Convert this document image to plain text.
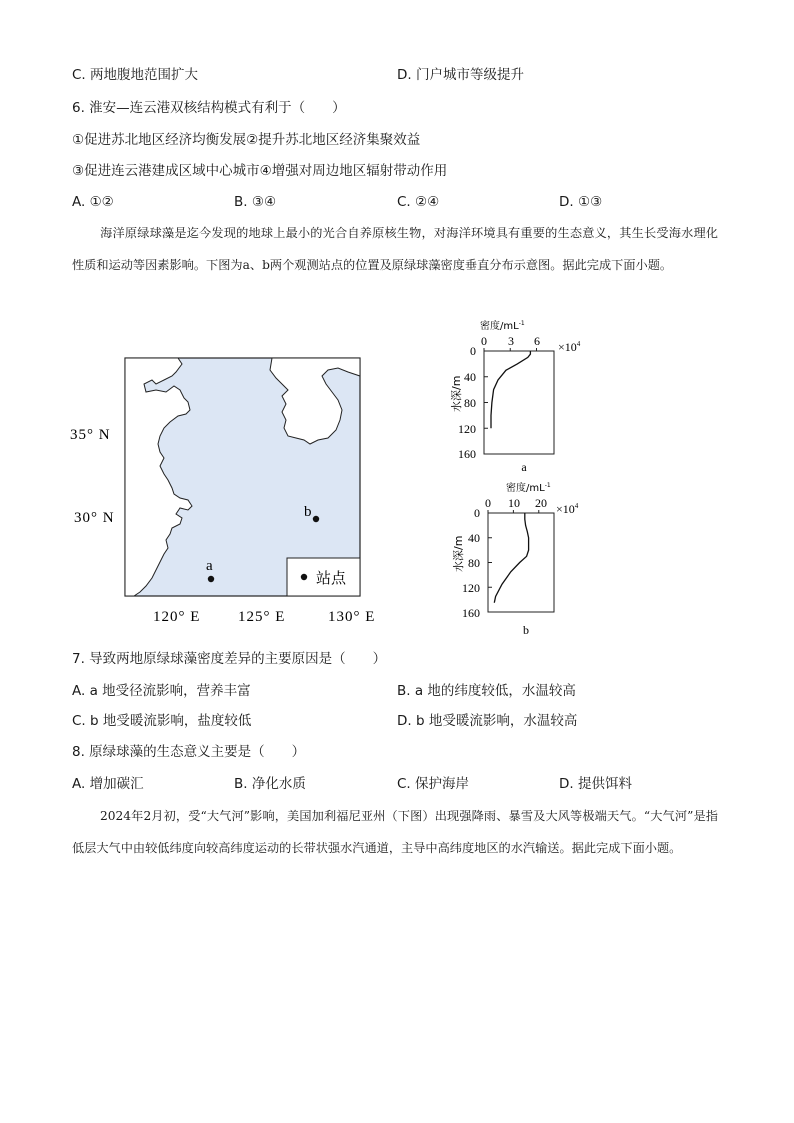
C. 两地腹地范围扩大	D. 门户城市等级提升
6. 淮安—连云港双核结构模式有利于（　　）
①促进苏北地区经济均衡发展②提升苏北地区经济集聚效益
③促进连云港建成区域中心城市④增强对周边地区辐射带动作用
A. ①②	B. ③④	C. ②④	D. ①③
海洋原绿球藻是迄今发现的地球上最小的光合自养原核生物，对海洋环境具有重要的生态意义，其生长受海水理化性质和运动等因素影响。下图为a、b两个观测站点的位置及原绿球藻密度垂直分布示意图。据此完成下面小题。
b
a
站点
35° N
30° N
120° E	125° E	130° E
密度$/mL^{-1}$
0 3 $6 \times 10^4$
0
40
80
120
160
水深/m
a
密度$/mL^{-1}$
0 10 $20 \times 10^4$
0
40
80
120
160
水深/m
b
7. 导致两地原绿球藻密度差异的主要原因是（　　）
A. a 地受径流影响，营养丰富	B. a 地的纬度较低，水温较高
C. b 地受暖流影响，盐度较低	D. b 地受暖流影响，水温较高
8. 原绿球藻的生态意义主要是（　　）
A. 增加碳汇	B. 净化水质	C. 保护海岸	D. 提供饵料
2024年2月初，受“大气河”影响，美国加利福尼亚州（下图）出现强降雨、暴雪及大风等极端天气。“大气河”是指低层大气中由较低纬度向较高纬度运动的长带状强水汽通道，主导中高纬度地区的水汽输送。据此完成下面小题。
